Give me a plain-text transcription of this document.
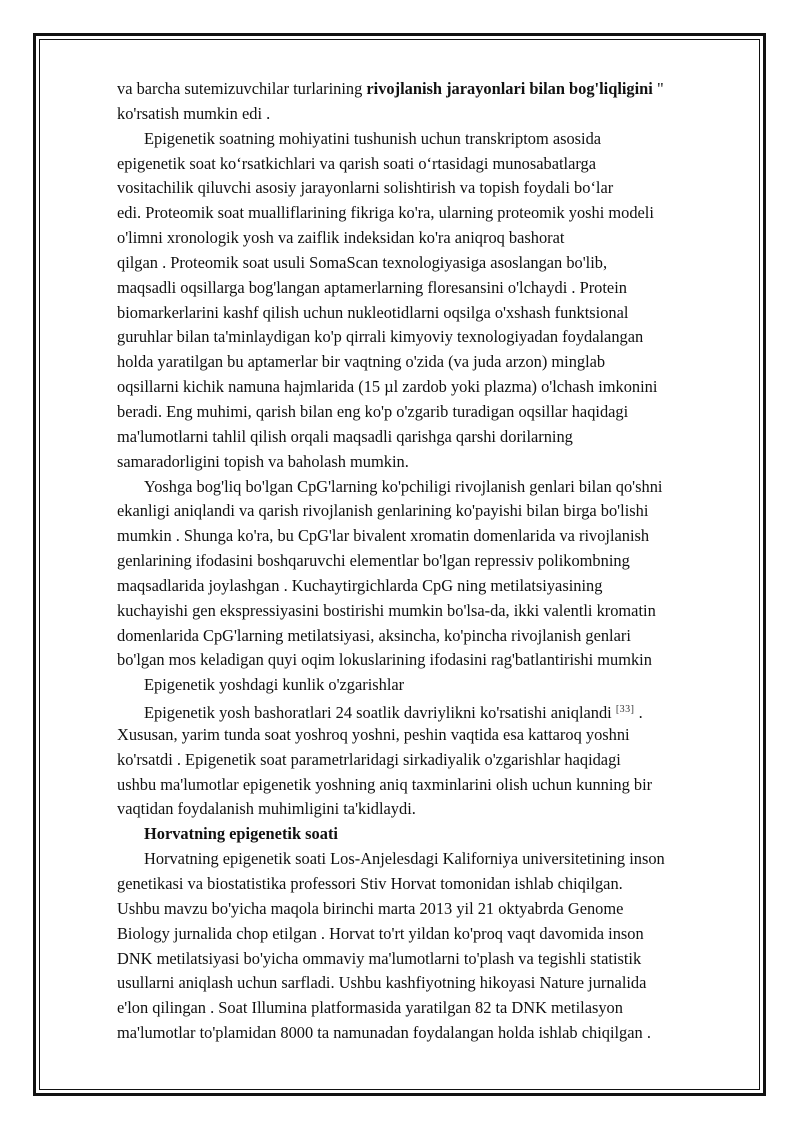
va barcha sutemizuvchilar turlarining rivojlanish jarayonlari bilan bog'liqligini "
ko'rsatish mumkin edi .
Epigenetik soatning mohiyatini tushunish uchun transkriptom asosida
epigenetik soat ko‘rsatkichlari va qarish soati o‘rtasidagi munosabatlarga
vositachilik qiluvchi asosiy jarayonlarni solishtirish va topish foydali bo‘lar
edi. Proteomik soat mualliflarining fikriga ko'ra, ularning proteomik yoshi modeli
o'limni xronologik yosh va zaiflik indeksidan ko'ra aniqroq bashorat
qilgan . Proteomik soat usuli SomaScan texnologiyasiga asoslangan bo'lib,
maqsadli oqsillarga bog'langan aptamerlarning floresansini o'lchaydi . Protein
biomarkerlarini kashf qilish uchun nukleotidlarni oqsilga o'xshash funktsional
guruhlar bilan ta'minlaydigan ko'p qirrali kimyoviy texnologiyadan foydalangan
holda yaratilgan bu aptamerlar bir vaqtning o'zida (va juda arzon) minglab
oqsillarni kichik namuna hajmlarida (15 µl zardob yoki plazma) o'lchash imkonini
beradi. Eng muhimi, qarish bilan eng ko'p o'zgarib turadigan oqsillar haqidagi
ma'lumotlarni tahlil qilish orqali maqsadli qarishga qarshi dorilarning
samaradorligini topish va baholash mumkin.
Yoshga bog'liq bo'lgan CpG'larning ko'pchiligi rivojlanish genlari bilan qo'shni
ekanligi aniqlandi va qarish rivojlanish genlarining ko'payishi bilan birga bo'lishi
mumkin . Shunga ko'ra, bu CpG'lar bivalent xromatin domenlarida va rivojlanish
genlarining ifodasini boshqaruvchi elementlar bo'lgan repressiv polikombning
maqsadlarida joylashgan . Kuchaytirgichlarda CpG ning metilatsiyasining
kuchayishi gen ekspressiyasini bostirishi mumkin bo'lsa-da, ikki valentli kromatin
domenlarida CpG'larning metilatsiyasi, aksincha, ko'pincha rivojlanish genlari
bo'lgan mos keladigan quyi oqim lokuslarining ifodasini rag'batlantirishi mumkin
Epigenetik yoshdagi kunlik o'zgarishlar
Epigenetik yosh bashoratlari 24 soatlik davriylikni ko'rsatishi aniqlandi [33] .
Xususan, yarim tunda soat yoshroq yoshni, peshin vaqtida esa kattaroq yoshni
ko'rsatdi . Epigenetik soat parametrlaridagi sirkadiyalik o'zgarishlar haqidagi
ushbu ma'lumotlar epigenetik yoshning aniq taxminlarini olish uchun kunning bir
vaqtidan foydalanish muhimligini ta'kidlaydi.
Horvatning epigenetik soati
Horvatning epigenetik soati Los-Anjelesdagi Kaliforniya universitetining inson
genetikasi va biostatistika professori Stiv Horvat tomonidan ishlab chiqilgan.
Ushbu mavzu bo'yicha maqola birinchi marta 2013 yil 21 oktyabrda Genome
Biology jurnalida chop etilgan . Horvat to'rt yildan ko'proq vaqt davomida inson
DNK metilatsiyasi bo'yicha ommaviy ma'lumotlarni to'plash va tegishli statistik
usullarni aniqlash uchun sarfladi. Ushbu kashfiyotning hikoyasi Nature jurnalida
e'lon qilingan . Soat Illumina platformasida yaratilgan 82 ta DNK metilasyon
ma'lumotlar to'plamidan 8000 ta namunadan foydalangan holda ishlab chiqilgan .
